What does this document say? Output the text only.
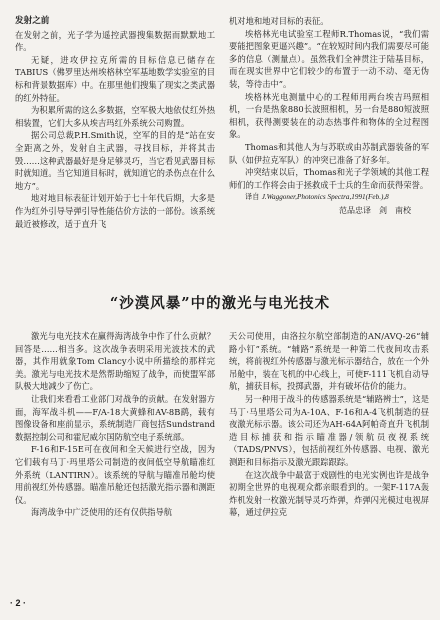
发射之前

在发射之前，光子学为遥控武器搜集数据而默默地工作。

无疑，进攻伊拉克所需的目标信息已储存在TABIUS（佛罗里达州埃格林空军基地数学实验室的目标和背景数据库）中。在那里他们搜集了现实之类武器的红外特征。

为积累所需的这么多数据，空军极大地依仗红外热相装置，它们大多从埃吉玛红外系统公司购置。

据公司总裁P.H.Smith说，空军的目的是“站在安全距离之外，发射自主武器，寻找目标，并将其击毁……这种武器最好是身足够灵巧，当它看见武器目标时就知道。当它知道目标时，就知道它的杀伤点在什么地方”。

地对地目标表征计划开始于七十年代后期，大多是作为红外引导导弹引导性能估价方法的一部份。该系统最近被修改，适于直升飞

机对地和地对目标的表征。

埃格林光电试验室工程师R.Thomas说，“我们需要能把图象更逼兴趣”。“在较短时间内我们需要尽可能多的信息（测量点）。虽然我们全神贯注于陆基目标，而在现实世界中它们较少的布置于一动不动、毫无伪装，等待击中”。

埃格林光电测量中心的工程师用两台埃吉玛照相机，一台是热象880长波照相机，另一台是880短波照相机，获得测要装在的动态热事件和物体的全过程图象。

Thomas和其他人为与苏联或由苏制武器装备的军队（如伊拉克军队）的冲突已准备了好多年。

冲突结束以后，Thomas和光子学领域的其他工程师们的工作将会由于拯救成千士兵的生命而获得荣誉。

译自 J.Waggoner,Photonics Spectra,1991(Feb.),8

范品忠译　剑　南校
“沙漠风暴”中的激光与电光技术

激光与电光技术在赢得海湾战争中作了什么贡献？回答是……相当多。这次战争表明采用光波技术的武器，其作用就象Tom Clancy小说中所描绘的那样完美。激光与电光技术是然帮助缩短了战争，而使盟军部队极大地减少了伤亡。

让我们来看看工业部门对战争的贡献。在发射器方面，海军战斗机——F/A-18大黄蜂和AV-8B鹞，载有图像设备和座前显示，系统制造厂商包括Sundstrand数据控制公司和霍尼威尔国防航空电子系统部。

F-16和F-15E可在夜间和全天候进行空战，因为它们载有马丁·玛里塔公司制造的夜间低空导航瞄准红外系统（LANTIRN）。该系统的导航与瞄准吊舱均使用前视红外传感器。瞄准吊舱还包括激光指示器和测距仪。

海湾战争中广泛使用的还有仅供指导航

天公司使用，由洛拉尔航空部制造的AN/AVQ-26“辅路小钉”系统。“辅路”系统是一种第二代夜间攻击系统，将前视红外传感器与激光标示器结合，放在一个外吊舱中，装在飞机的中心线上，可使F-111飞机自动导航，捕获目标，投掷武器，并有破坏估价的能力。

另一种用于战斗的传感器系统是“辅路辨士”，这是马丁·马里塔公司为A-10A、F-16和A-4飞机制造的昼夜激光标示器。该公司还为AH-64A阿帕奇直升飞机制造目标捕获和指示瞄准器/领航员夜视系统（TADS/PNVS），包括前视红外传感器、电视、激光测距和目标指示及激光跟踪跟踪。

在这次战争中最富于戏剧性的电光实例也许是战争初期全世界的电视观众都亲眼看到的。一架F-117A轰炸机发射一枚激光制导灵巧炸弹，炸弹闪光模过电视屏幕，通过伊拉克

· 2 ·
